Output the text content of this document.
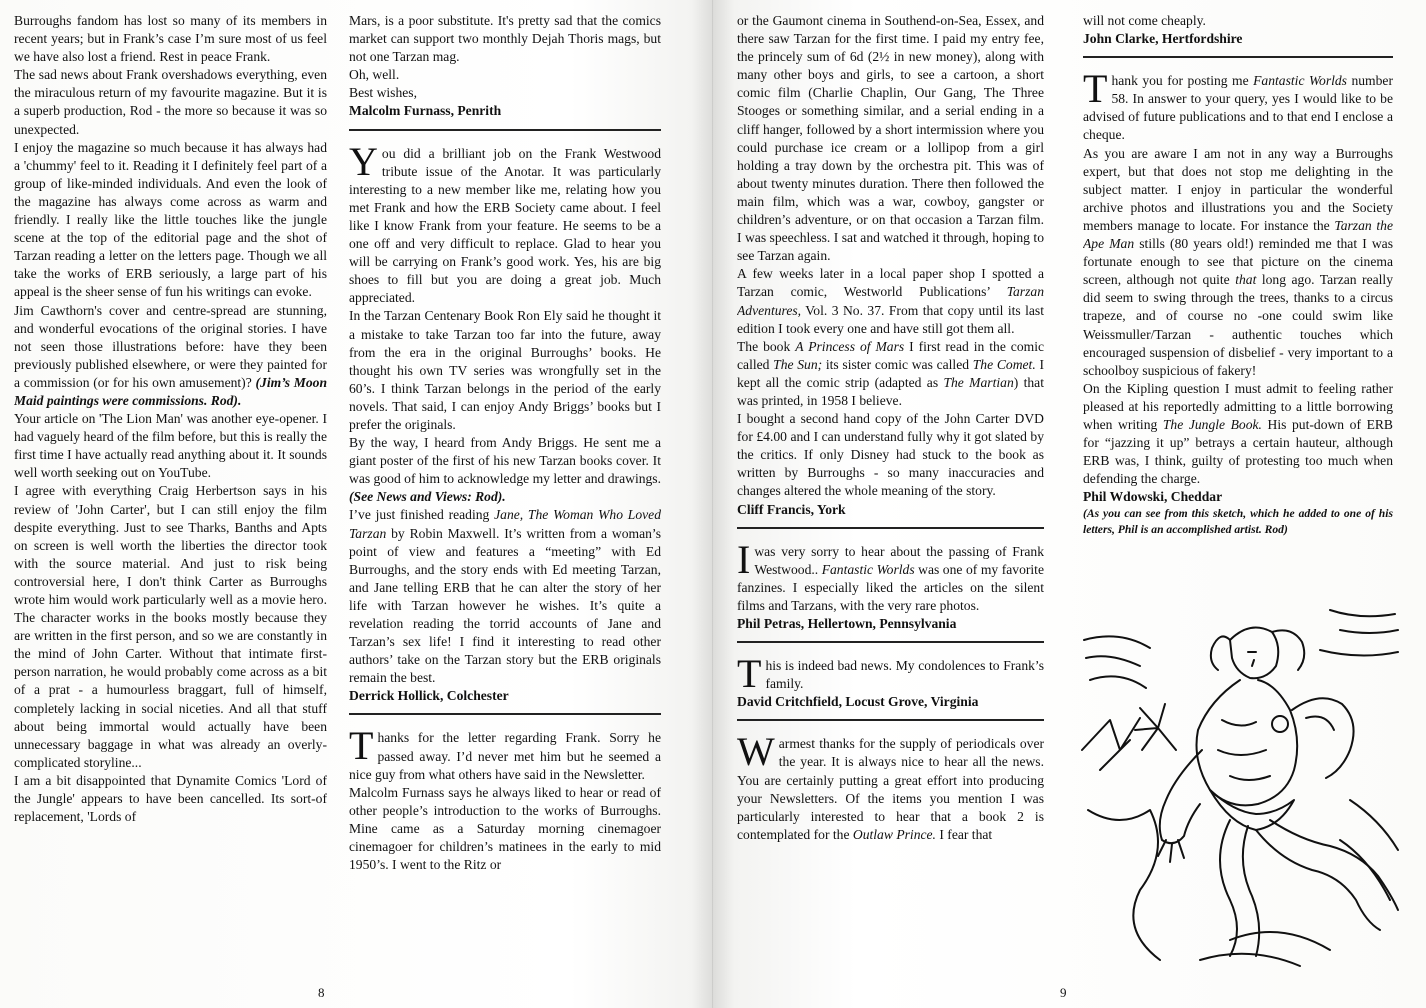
Burroughs fandom has lost so many of its members in recent years; but in Frank’s case I’m sure most of us feel we have also lost a friend. Rest in peace Frank.

The sad news about Frank overshadows everything, even the miraculous return of my favourite magazine. But it is a superb production, Rod - the more so because it was so unexpected.

I enjoy the magazine so much because it has always had a 'chummy' feel to it. Reading it I definitely feel part of a group of like-minded individuals. And even the look of the magazine has always come across as warm and friendly. I really like the little touches like the jungle scene at the top of the editorial page and the shot of Tarzan reading a letter on the letters page. Though we all take the works of ERB seriously, a large part of his appeal is the sheer sense of fun his writings can evoke.

Jim Cawthorn's cover and centre-spread are stunning, and wonderful evocations of the original stories. I have not seen those illustrations before: have they been previously published elsewhere, or were they painted for a commission (or for his own amusement)? (Jim’s Moon Maid paintings were commissions. Rod).

Your article on 'The Lion Man' was another eye-opener. I had vaguely heard of the film before, but this is really the first time I have actually read anything about it. It sounds well worth seeking out on YouTube.

I agree with everything Craig Herbertson says in his review of 'John Carter', but I can still enjoy the film despite everything. Just to see Tharks, Banths and Apts on screen is well worth the liberties the director took with the source material. And just to risk being controversial here, I don't think Carter as Burroughs wrote him would work particularly well as a movie hero. The character works in the books mostly because they are written in the first person, and so we are constantly in the mind of John Carter. Without that intimate first-person narration, he would probably come across as a bit of a prat - a humourless braggart, full of himself, completely lacking in social niceties. And all that stuff about being immortal would actually have been unnecessary baggage in what was already an overly-complicated storyline...

I am a bit disappointed that Dynamite Comics 'Lord of the Jungle' appears to have been cancelled. Its sort-of replacement, 'Lords of

Mars, is a poor substitute. It's pretty sad that the comics market can support two monthly Dejah Thoris mags, but not one Tarzan mag.

Oh, well.

Best wishes,

Malcolm Furnass, Penrith

You did a brilliant job on the Frank Westwood tribute issue of the Anotar. It was particularly interesting to a new member like me, relating how you met Frank and how the ERB Society came about. I feel like I know Frank from your feature. He seems to be a one off and very difficult to replace. Glad to hear you will be carrying on Frank’s good work. Yes, his are big shoes to fill but you are doing a great job. Much appreciated.

In the Tarzan Centenary Book Ron Ely said he thought it a mistake to take Tarzan too far into the future, away from the era in the original Burroughs’ books. He thought his own TV series was wrongfully set in the 60’s. I think Tarzan belongs in the period of the early novels. That said, I can enjoy Andy Briggs’ books but I prefer the originals.

By the way, I heard from Andy Briggs. He sent me a giant poster of the first of his new Tarzan books cover. It was good of him to acknowledge my letter and drawings. (See News and Views: Rod).

I’ve just finished reading Jane, The Woman Who Loved Tarzan by Robin Maxwell. It’s written from a woman’s point of view and features a “meeting” with Ed Burroughs, and the story ends with Ed meeting Tarzan, and Jane telling ERB that he can alter the story of her life with Tarzan however he wishes. It’s quite a revelation reading the torrid accounts of Jane and Tarzan’s sex life! I find it interesting to read other authors’ take on the Tarzan story but the ERB originals remain the best.

Derrick Hollick, Colchester

Thanks for the letter regarding Frank. Sorry he passed away. I’d never met him but he seemed a nice guy from what others have said in the Newsletter.

Malcolm Furnass says he always liked to hear or read of other people’s introduction to the works of Burroughs. Mine came as a Saturday morning cinemagoer cinemagoer for children’s matinees in the early to mid 1950’s. I went to the Ritz or

or the Gaumont cinema in Southend-on-Sea, Essex, and there saw Tarzan for the first time. I paid my entry fee, the princely sum of 6d (2½ in new money), along with many other boys and girls, to see a cartoon, a short comic film (Charlie Chaplin, Our Gang, The Three Stooges or something similar, and a serial ending in a cliff hanger, followed by a short intermission where you could purchase ice cream or a lollipop from a girl holding a tray down by the orchestra pit. This was of about twenty minutes duration. There then followed the main film, which was a war, cowboy, gangster or children’s adventure, or on that occasion a Tarzan film. I was speechless. I sat and watched it through, hoping to see Tarzan again.

A few weeks later in a local paper shop I spotted a Tarzan comic, Westworld Publications’ Tarzan Adventures, Vol. 3 No. 37. From that copy until its last edition I took every one and have still got them all.

The book A Princess of Mars I first read in the comic called The Sun; its sister comic was called The Comet. I kept all the comic strip (adapted as The Martian) that was printed, in 1958 I believe.

I bought a second hand copy of the John Carter DVD for £4.00 and I can understand fully why it got slated by the critics. If only Disney had stuck to the book as written by Burroughs - so many inaccuracies and changes altered the whole meaning of the story.

Cliff Francis, York

I was very sorry to hear about the passing of Frank Westwood.. Fantastic Worlds was one of my favorite fanzines. I especially liked the articles on the silent films and Tarzans, with the very rare photos.

Phil Petras, Hellertown, Pennsylvania

This is indeed bad news. My condolences to Frank’s family.

David Critchfield, Locust Grove, Virginia

Warmest thanks for the supply of periodicals over the year. It is always nice to hear all the news. You are certainly putting a great effort into producing your Newsletters. Of the items you mention I was particularly interested to hear that a book 2 is contemplated for the Outlaw Prince. I fear that

will not come cheaply.

John Clarke, Hertfordshire

Thank you for posting me Fantastic Worlds number 58. In answer to your query, yes I would like to be advised of future publications and to that end I enclose a cheque.

As you are aware I am not in any way a Burroughs expert, but that does not stop me delighting in the subject matter. I enjoy in particular the wonderful archive photos and illustrations you and the Society members manage to locate. For instance the Tarzan the Ape Man stills (80 years old!) reminded me that I was fortunate enough to see that picture on the cinema screen, although not quite that long ago. Tarzan really did seem to swing through the trees, thanks to a circus trapeze, and of course no -one could swim like Weissmuller/Tarzan - authentic touches which encouraged suspension of disbelief - very important to a schoolboy suspicious of fakery!

On the Kipling question I must admit to feeling rather pleased at his reportedly admitting to a little borrowing when writing The Jungle Book. His put-down of ERB for “jazzing it up” betrays a certain hauteur, although ERB was, I think, guilty of protesting too much when defending the charge.

Phil Wdowski, Cheddar

(As you can see from this sketch, which he added to one of his letters, Phil is an accomplished artist. Rod)

8	9
